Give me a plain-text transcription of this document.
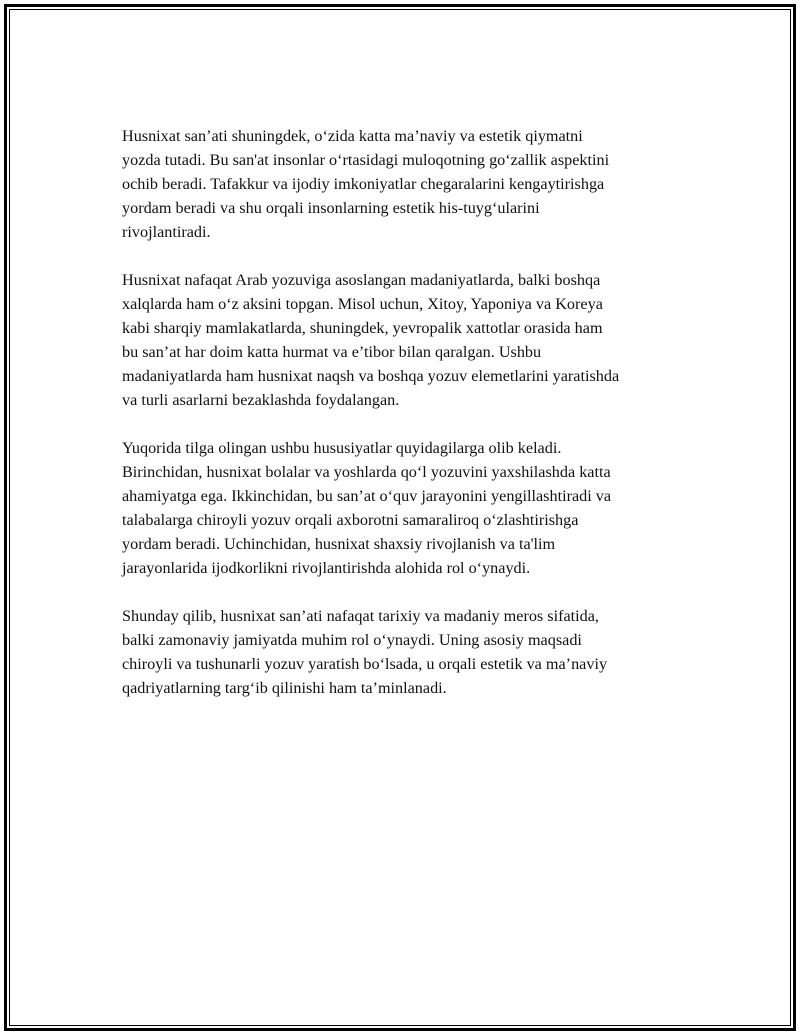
Husnixat san’ati shuningdek, o‘zida katta ma’naviy va estetik qiymatni
yozda tutadi. Bu san'at insonlar o‘rtasidagi muloqotning go‘zallik aspektini
ochib beradi. Tafakkur va ijodiy imkoniyatlar chegaralarini kengaytirishga
yordam beradi va shu orqali insonlarning estetik his-tuyg‘ularini
rivojlantiradi.

Husnixat nafaqat Arab yozuviga asoslangan madaniyatlarda, balki boshqa
xalqlarda ham o‘z aksini topgan. Misol uchun, Xitoy, Yaponiya va Koreya
kabi sharqiy mamlakatlarda, shuningdek, yevropalik xattotlar orasida ham
bu san’at har doim katta hurmat va e’tibor bilan qaralgan. Ushbu
madaniyatlarda ham husnixat naqsh va boshqa yozuv elemetlarini yaratishda
va turli asarlarni bezaklashda foydalangan.

Yuqorida tilga olingan ushbu hususiyatlar quyidagilarga olib keladi.
Birinchidan, husnixat bolalar va yoshlarda qo‘l yozuvini yaxshilashda katta
ahamiyatga ega. Ikkinchidan, bu san’at o‘quv jarayonini yengillashtiradi va
talabalarga chiroyli yozuv orqali axborotni samaraliroq o‘zlashtirishga
yordam beradi. Uchinchidan, husnixat shaxsiy rivojlanish va ta'lim
jarayonlarida ijodkorlikni rivojlantirishda alohida rol o‘ynaydi.

Shunday qilib, husnixat san’ati nafaqat tarixiy va madaniy meros sifatida,
balki zamonaviy jamiyatda muhim rol o‘ynaydi. Uning asosiy maqsadi
chiroyli va tushunarli yozuv yaratish bo‘lsada, u orqali estetik va ma’naviy
qadriyatlarning targ‘ib qilinishi ham ta’minlanadi.
